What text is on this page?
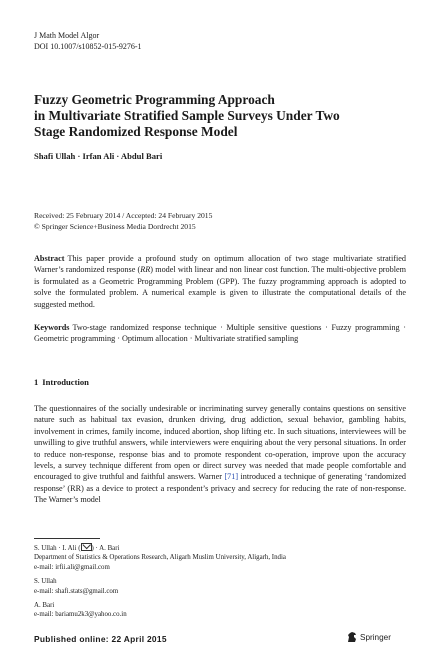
J Math Model Algor
DOI 10.1007/s10852-015-9276-1
Fuzzy Geometric Programming Approach
in Multivariate Stratified Sample Surveys Under Two
Stage Randomized Response Model
Shafi Ullah · Irfan Ali · Abdul Bari
Received: 25 February 2014 / Accepted: 24 February 2015
© Springer Science+Business Media Dordrecht 2015
Abstract This paper provide a profound study on optimum allocation of two stage multivariate stratified Warner’s randomized response (RR) model with linear and non linear cost function. The multi-objective problem is formulated as a Geometric Programming Problem (GPP). The fuzzy programming approach is adopted to solve the formulated problem. A numerical example is given to illustrate the computational details of the suggested method.
Keywords Two-stage randomized response technique · Multiple sensitive questions · Fuzzy programming · Geometric programming · Optimum allocation · Multivariate stratified sampling
1 Introduction
The questionnaires of the socially undesirable or incriminating survey generally contains questions on sensitive nature such as habitual tax evasion, drunken driving, drug addiction, sexual behavior, gambling habits, involvement in crimes, family income, induced abortion, shop lifting etc. In such situations, interviewees will be unwilling to give truthful answers, while interviewers were enquiring about the very personal situations. In order to reduce non-response, response bias and to promote respondent co-operation, improve upon the accuracy levels, a survey technique different from open or direct survey was needed that made people comfortable and encouraged to give truthful and faithful answers. Warner [71] introduced a technique of generating ‘randomized response’ (RR) as a device to protect a respondent’s privacy and secrecy for reducing the rate of non-response. The Warner’s model
S. Ullah · I. Ali ( ) · A. Bari
Department of Statistics & Operations Research, Aligarh Muslim University, Aligarh, India
e-mail: irfii.ali@gmail.com
S. Ullah
e-mail: shafi.stats@gmail.com
A. Bari
e-mail: bariamu2k3@yahoo.co.in
Published online: 22 April 2015	Springer
